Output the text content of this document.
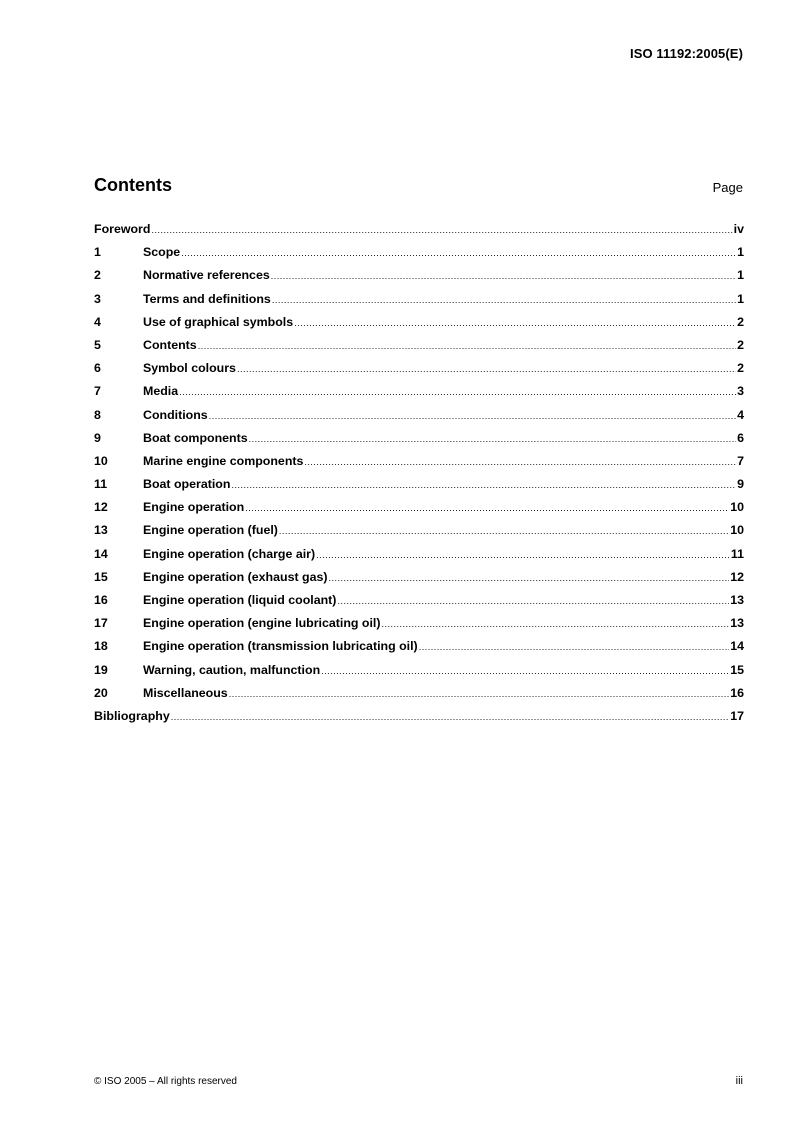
ISO 11192:2005(E)
Contents	Page
Foreword .....	iv
1	Scope .....	1
2	Normative references .....	1
3	Terms and definitions .....	1
4	Use of graphical symbols .....	2
5	Contents .....	2
6	Symbol colours .....	2
7	Media .....	3
8	Conditions .....	4
9	Boat components .....	6
10	Marine engine components .....	7
11	Boat operation .....	9
12	Engine operation .....	10
13	Engine operation (fuel) .....	10
14	Engine operation (charge air) .....	11
15	Engine operation (exhaust gas) .....	12
16	Engine operation (liquid coolant) .....	13
17	Engine operation (engine lubricating oil) .....	13
18	Engine operation (transmission lubricating oil) .....	14
19	Warning, caution, malfunction .....	15
20	Miscellaneous .....	16
Bibliography .....	17
© ISO 2005 – All rights reserved	iii
